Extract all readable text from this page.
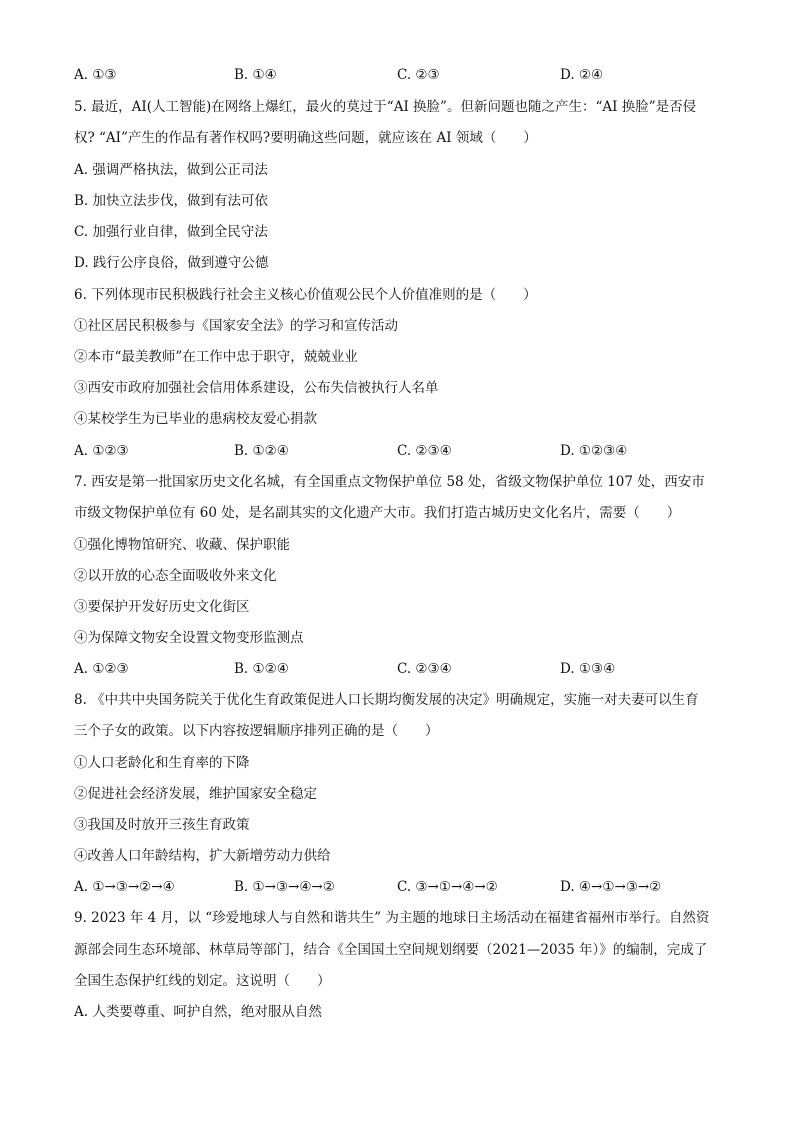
A. ①③	B. ①④	C. ②③	D. ②④
5. 最近，AI(人工智能)在网络上爆红，最火的莫过于“AI 换脸”。但新问题也随之产生：“AI 换脸”是否侵
权? “AI”产生的作品有著作权吗?要明确这些问题，就应该在 AI 领域（　　）
A. 强调严格执法，做到公正司法
B. 加快立法步伐，做到有法可依
C. 加强行业自律，做到全民守法
D. 践行公序良俗，做到遵守公德
6. 下列体现市民积极践行社会主义核心价值观公民个人价值准则的是（　　）
①社区居民积极参与《国家安全法》的学习和宣传活动
②本市“最美教师”在工作中忠于职守，兢兢业业
③西安市政府加强社会信用体系建设，公布失信被执行人名单
④某校学生为已毕业的患病校友爱心捐款
A. ①②③	B. ①②④	C. ②③④	D. ①②③④
7. 西安是第一批国家历史文化名城，有全国重点文物保护单位 58 处，省级文物保护单位 107 处，西安市
市级文物保护单位有 60 处，是名副其实的文化遗产大市。我们打造古城历史文化名片，需要（　　）
①强化博物馆研究、收藏、保护职能
②以开放的心态全面吸收外来文化
③要保护开发好历史文化街区
④为保障文物安全设置文物变形监测点
A. ①②③	B. ①②④	C. ②③④	D. ①③④
8. 《中共中央国务院关于优化生育政策促进人口长期均衡发展的决定》明确规定，实施一对夫妻可以生育
三个子女的政策。以下内容按逻辑顺序排列正确的是（　　）
①人口老龄化和生育率的下降
②促进社会经济发展，维护国家安全稳定
③我国及时放开三孩生育政策
④改善人口年龄结构，扩大新增劳动力供给
A. ①→③→②→④	B. ①→③→④→②	C. ③→①→④→②	D. ④→①→③→②
9. 2023 年 4 月，以 “珍爱地球人与自然和谐共生” 为主题的地球日主场活动在福建省福州市举行。自然资
源部会同生态环境部、林草局等部门，结合《全国国土空间规划纲要（2021—2035 年）》的编制，完成了
全国生态保护红线的划定。这说明（　　）
A. 人类要尊重、呵护自然，绝对服从自然
